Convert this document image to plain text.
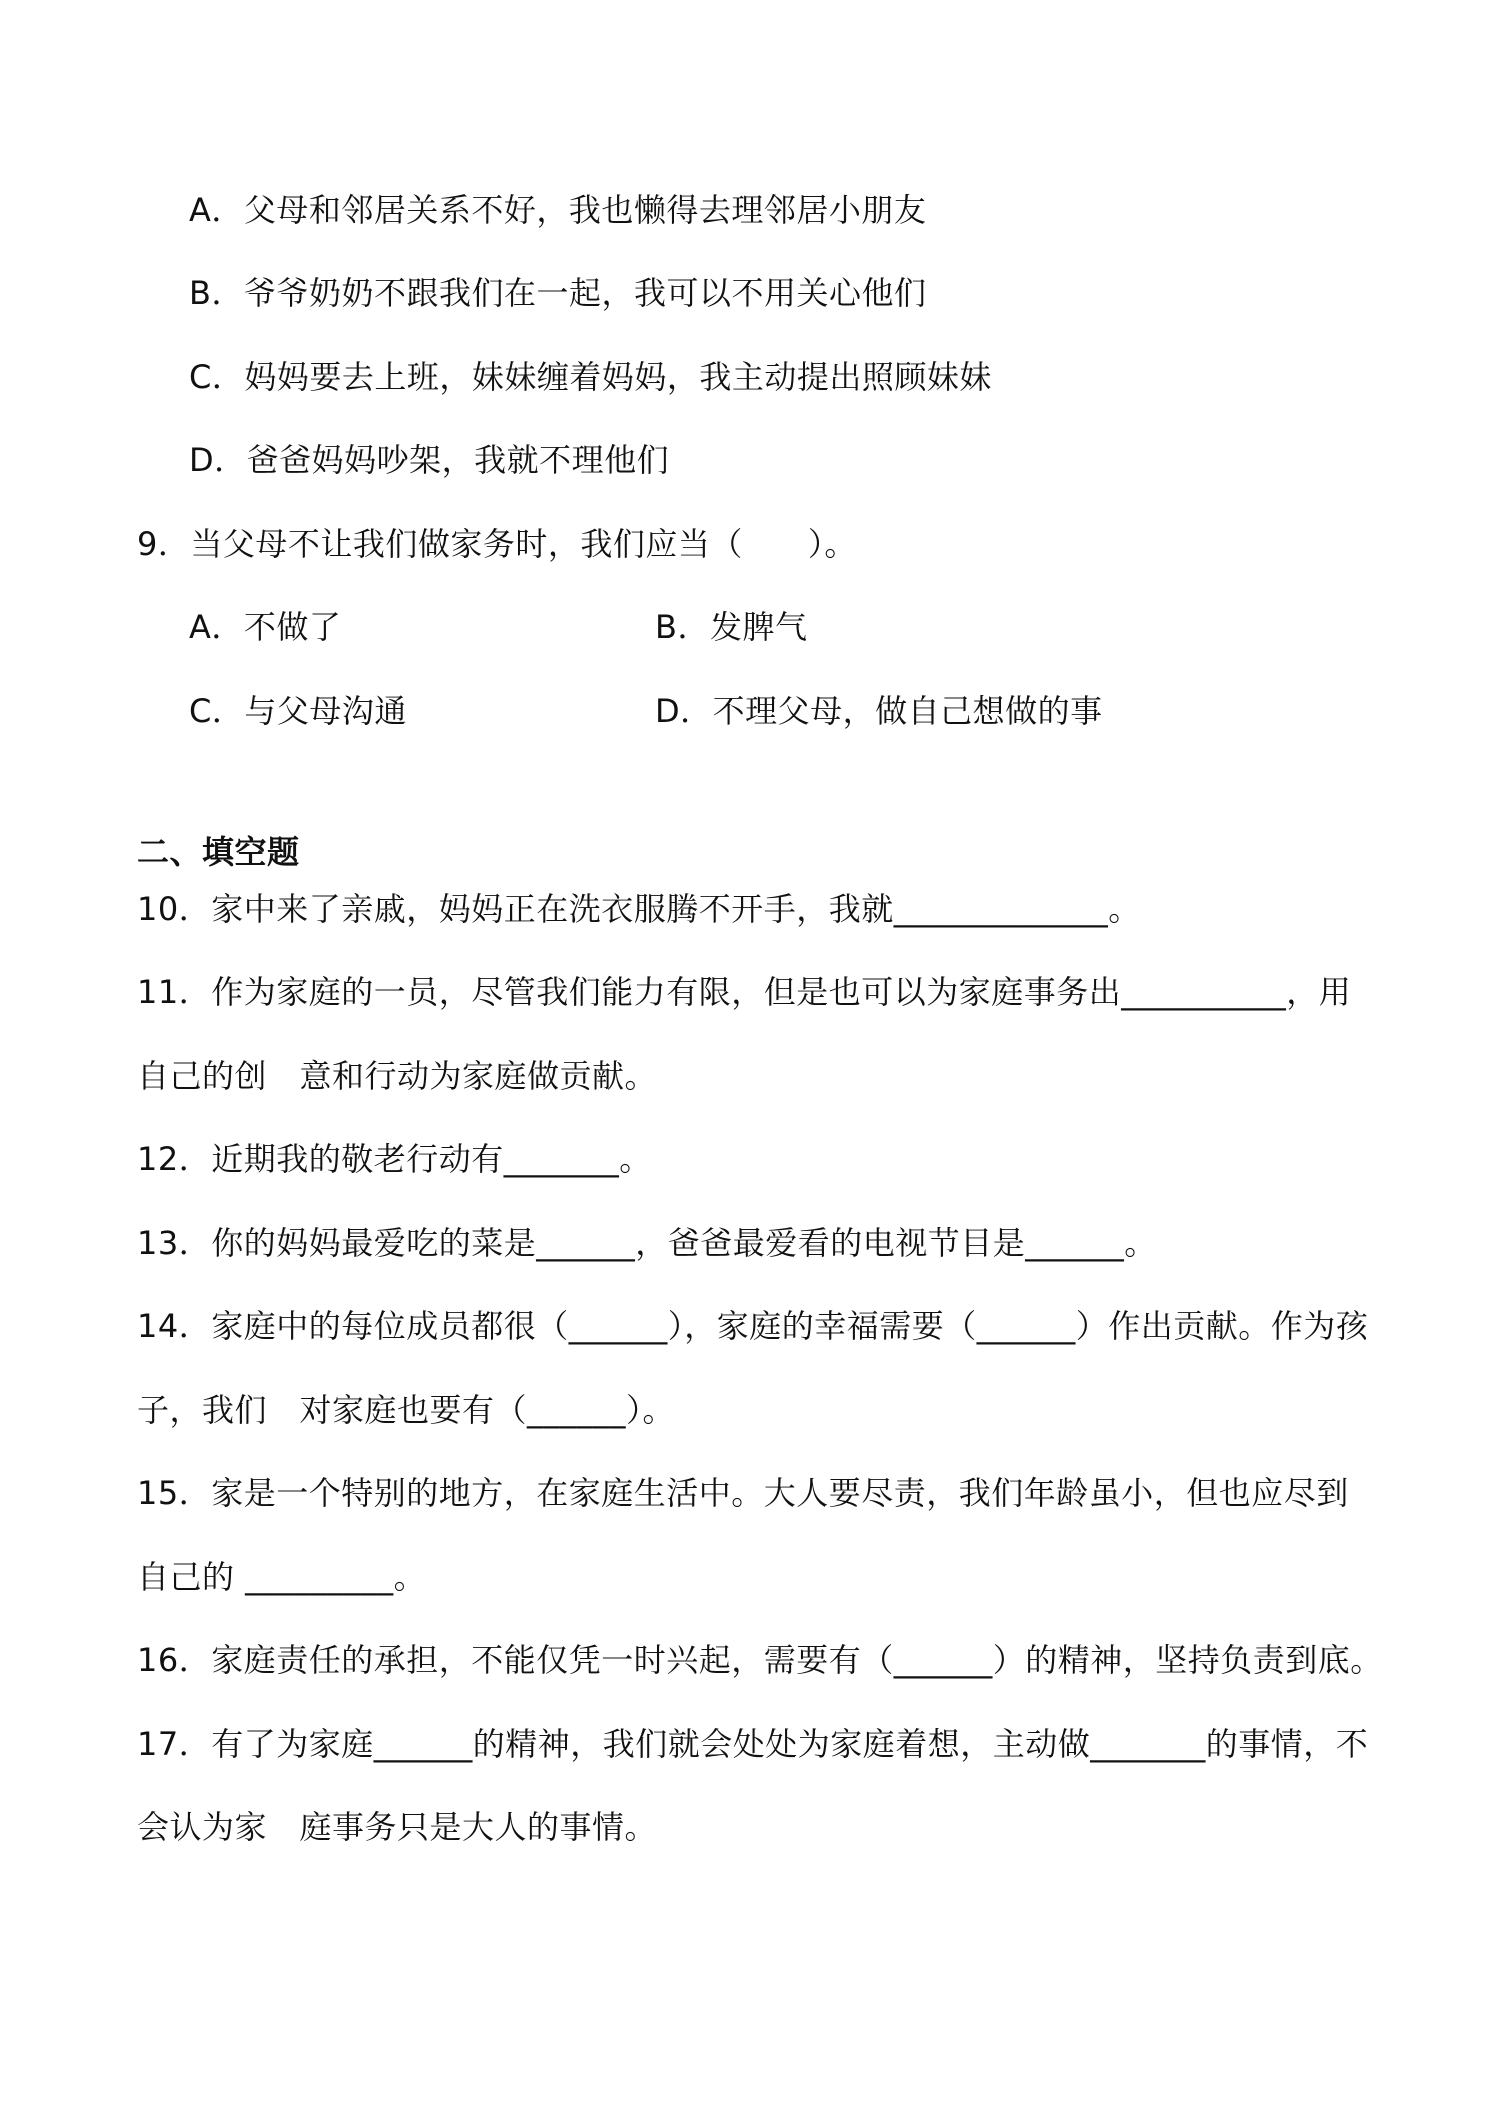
A．父母和邻居关系不好，我也懒得去理邻居小朋友
B．爷爷奶奶不跟我们在一起，我可以不用关心他们
C．妈妈要去上班，妹妹缠着妈妈，我主动提出照顾妹妹
D．爸爸妈妈吵架，我就不理他们
9．当父母不让我们做家务时，我们应当（　　）。
A．不做了	B．发脾气
C．与父母沟通	D．不理父母，做自己想做的事
二、填空题
10．家中来了亲戚，妈妈正在洗衣服腾不开手，我就_____________。
11．作为家庭的一员，尽管我们能力有限，但是也可以为家庭事务出__________，用
自己的创　意和行动为家庭做贡献。
12．近期我的敬老行动有_______。
13．你的妈妈最爱吃的菜是______，爸爸最爱看的电视节目是______。
14．家庭中的每位成员都很（______），家庭的幸福需要（______）作出贡献。作为孩
子，我们　对家庭也要有（______）。
15．家是一个特别的地方，在家庭生活中。大人要尽责，我们年龄虽小，但也应尽到
自己的 _________。
16．家庭责任的承担，不能仅凭一时兴起，需要有（______）的精神，坚持负责到底。
17．有了为家庭______的精神，我们就会处处为家庭着想，主动做_______的事情，不
会认为家　庭事务只是大人的事情。
